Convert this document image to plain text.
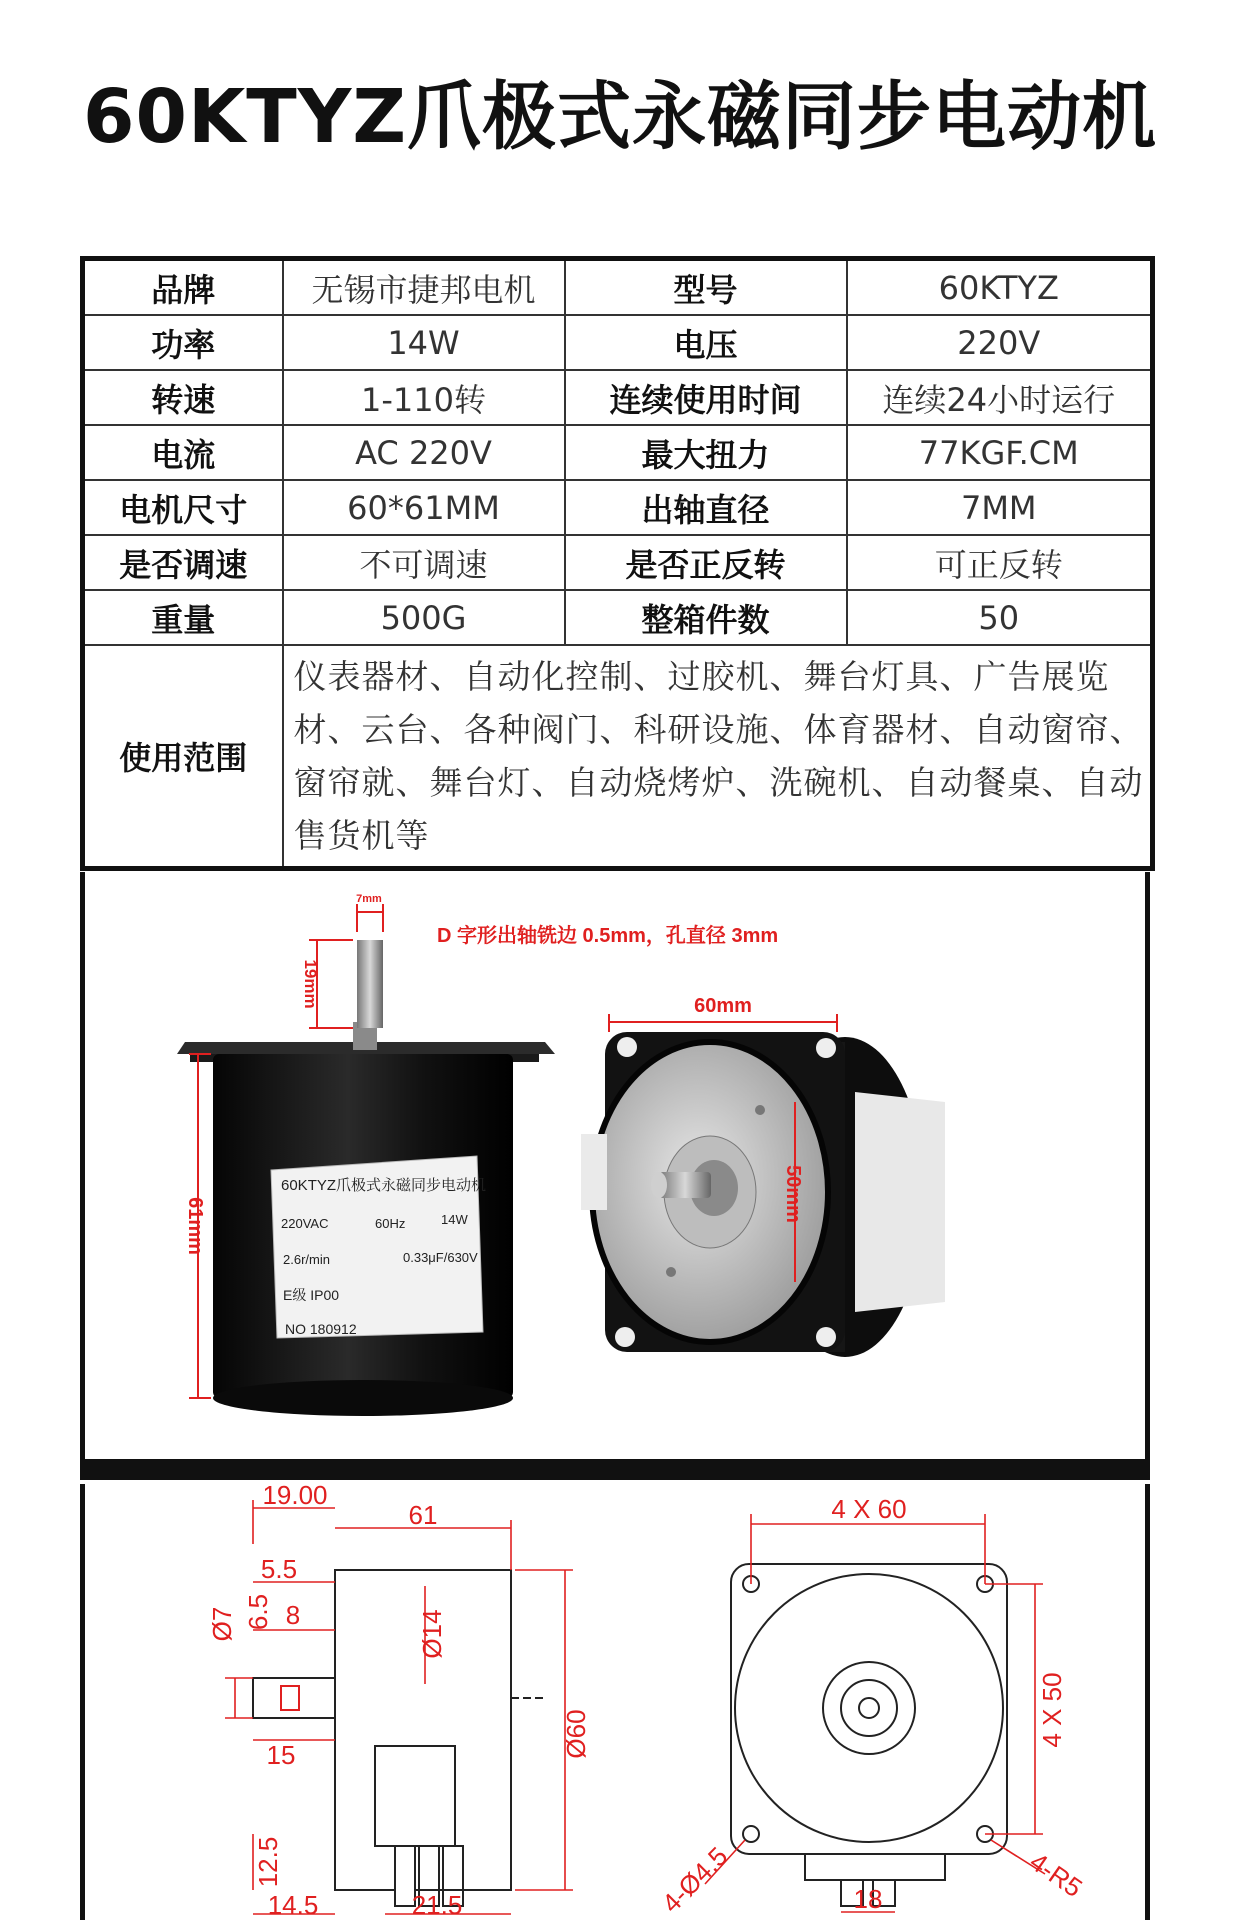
60KTYZ爪极式永磁同步电动机
品牌	无锡市捷邦电机	型号	60KTYZ
功率	14W	电压	220V
转速	1-110转	连续使用时间	连续24小时运行
电流	AC 220V	最大扭力	77KGF.CM
电机尺寸	60*61MM	出轴直径	7MM
是否调速	不可调速	是否正反转	可正反转
重量	500G	整箱件数	50
使用范围	仪表器材、自动化控制、过胶机、舞台灯具、广告展览材、云台、各种阀门、科研设施、体育器材、自动窗帘、窗帘就、舞台灯、自动烧烤炉、洗碗机、自动餐桌、自动售货机等		
D 字形出轴铣边 0.5mm，孔直径 3mm
60KTYZ爪极式永磁同步电动机
220VAC	60Hz	14W
2.6r/min	0.33μF/630V
E级 IP00
NO 180912
7mm
19mm
61mm
60mm
50mm
19.00
61
5.5
Ø7 6.5 8	Ø14
Ø60
15
12.5
14.5	21.5
4 X 60
4 X 50
4-Ø4.5	4-R5
18
